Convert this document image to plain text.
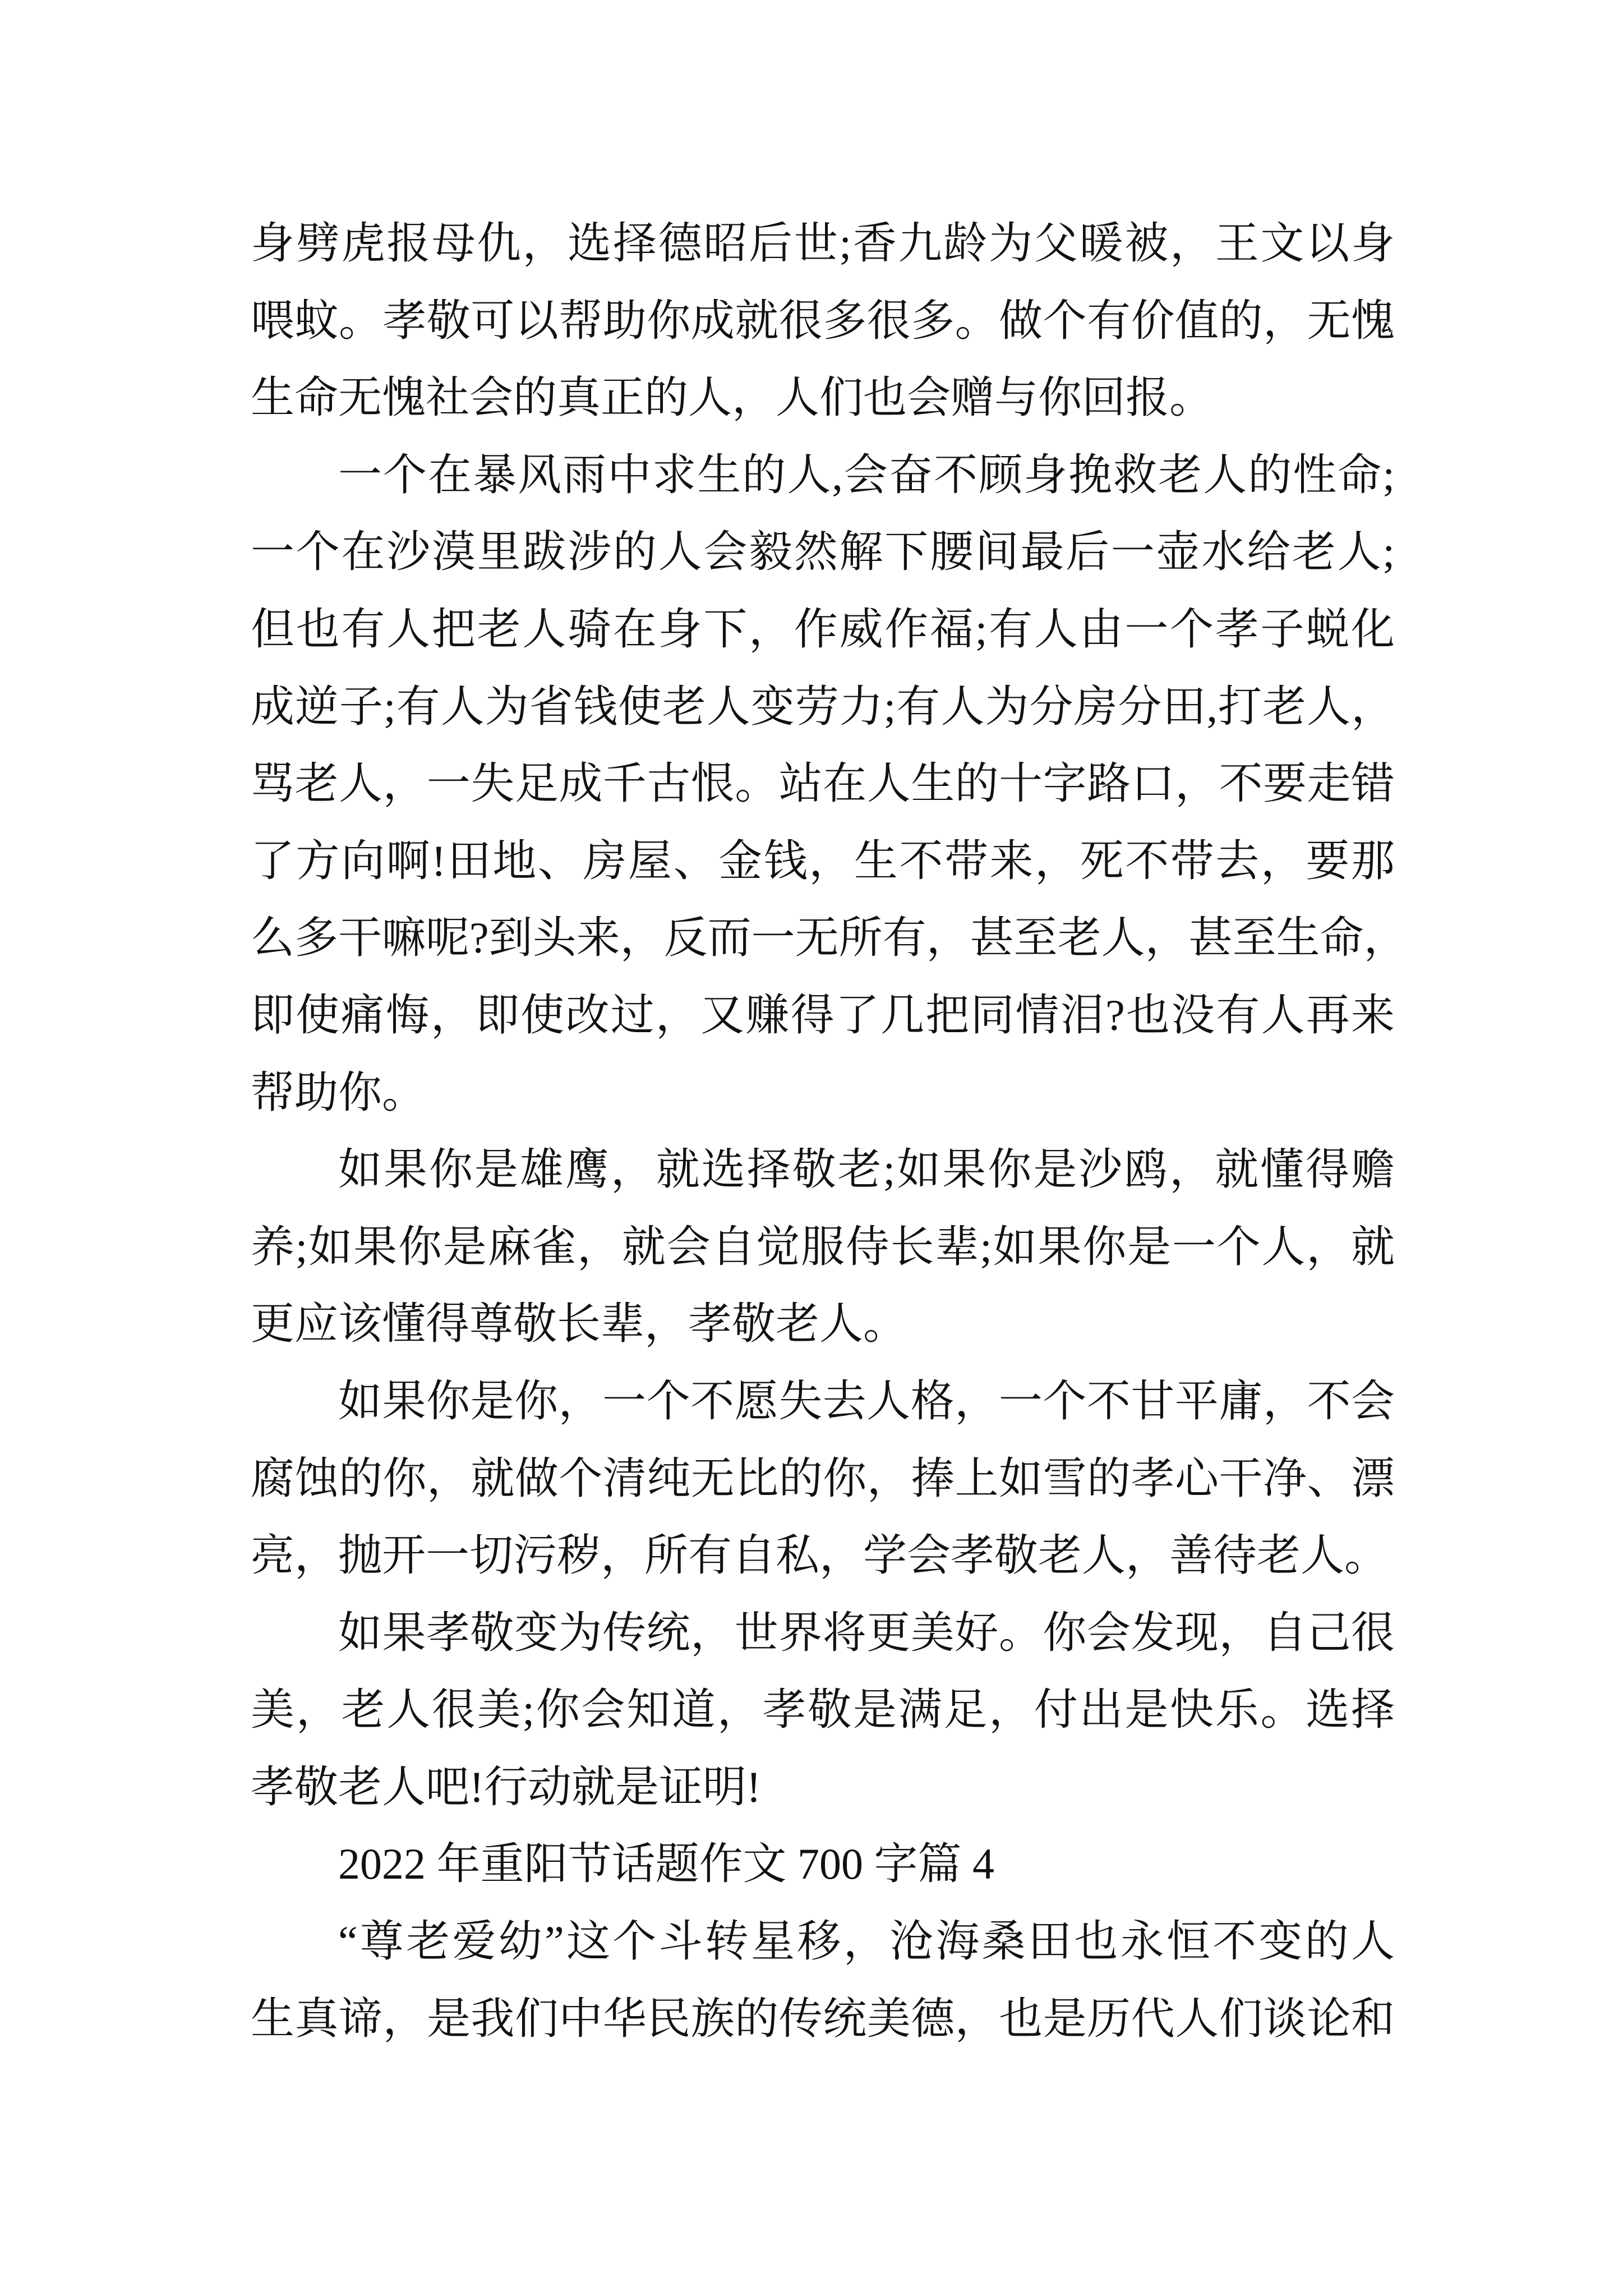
身劈虎报母仇，选择德昭后世;香九龄为父暖被，王文以身
喂蚊。孝敬可以帮助你成就很多很多。做个有价值的，无愧
生命无愧社会的真正的人，人们也会赠与你回报。
一个在暴风雨中求生的人,会奋不顾身挽救老人的性命;
一个在沙漠里跋涉的人会毅然解下腰间最后一壶水给老人;
但也有人把老人骑在身下，作威作福;有人由一个孝子蜕化
成逆子;有人为省钱使老人变劳力;有人为分房分田,打老人，
骂老人，一失足成千古恨。站在人生的十字路口，不要走错
了方向啊!田地、房屋、金钱，生不带来，死不带去，要那
么多干嘛呢?到头来，反而一无所有，甚至老人，甚至生命，
即使痛悔，即使改过，又赚得了几把同情泪?也没有人再来
帮助你。
如果你是雄鹰，就选择敬老;如果你是沙鸥，就懂得赡
养;如果你是麻雀，就会自觉服侍长辈;如果你是一个人，就
更应该懂得尊敬长辈，孝敬老人。
如果你是你，一个不愿失去人格，一个不甘平庸，不会
腐蚀的你，就做个清纯无比的你，捧上如雪的孝心干净、漂
亮，抛开一切污秽，所有自私，学会孝敬老人，善待老人。
如果孝敬变为传统，世界将更美好。你会发现，自己很
美，老人很美;你会知道，孝敬是满足，付出是快乐。选择
孝敬老人吧!行动就是证明!
2022 年重阳节话题作文 700 字篇 4
“尊老爱幼”这个斗转星移，沧海桑田也永恒不变的人
生真谛，是我们中华民族的传统美德，也是历代人们谈论和
